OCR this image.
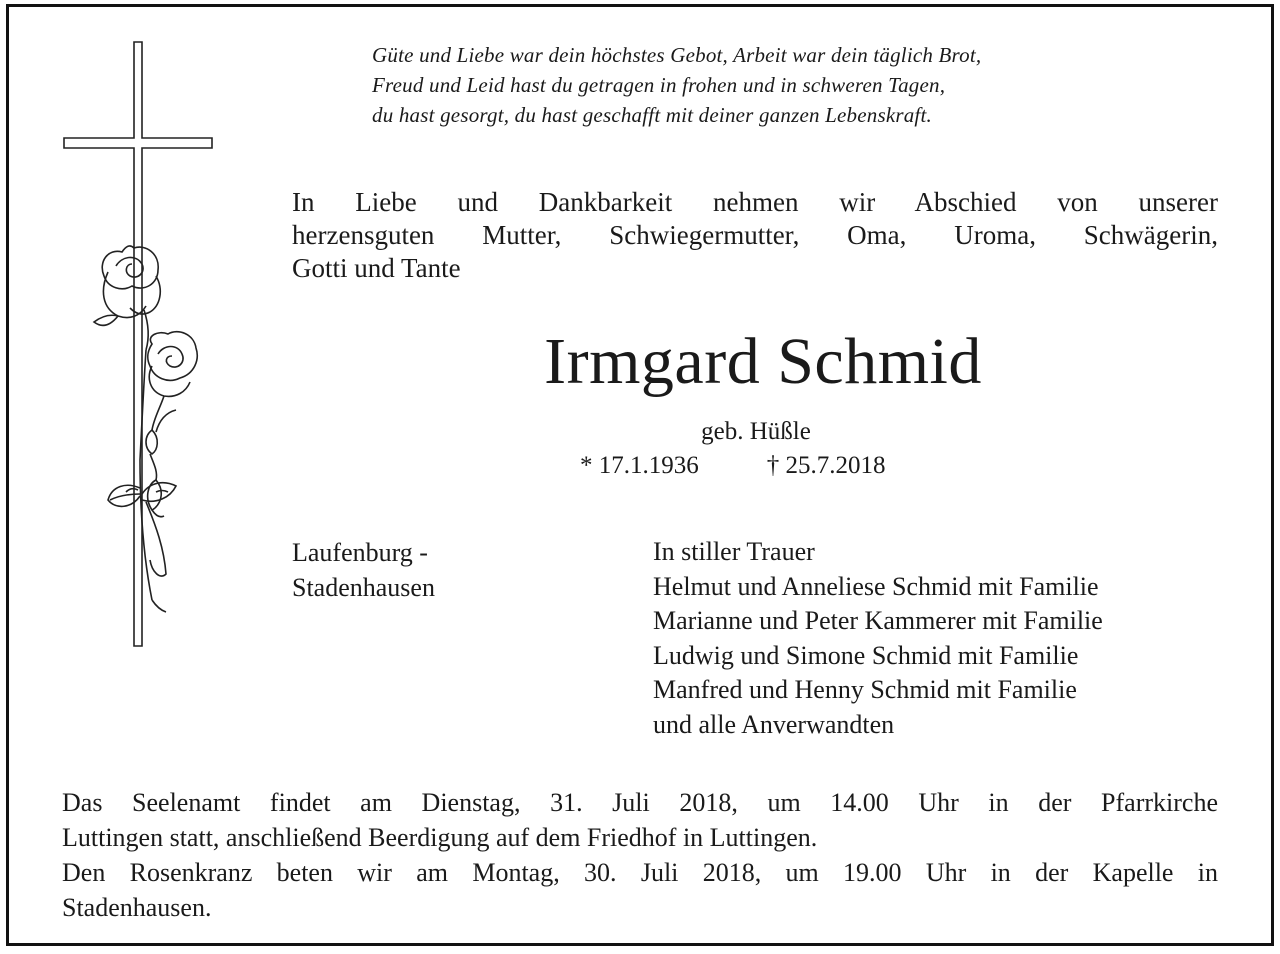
Güte und Liebe war dein höchstes Gebot, Arbeit war dein täglich Brot,
Freud und Leid hast du getragen in frohen und in schweren Tagen,
du hast gesorgt, du hast geschafft mit deiner ganzen Lebenskraft.
In Liebe und Dankbarkeit nehmen wir Abschied von unserer
herzensguten Mutter, Schwiegermutter, Oma, Uroma, Schwägerin,
Gotti und Tante
Irmgard Schmid
geb. Hüßle
* 17.1.1936	† 25.7.2018
Laufenburg -
Stadenhausen
In stiller Trauer
Helmut und Anneliese Schmid mit Familie
Marianne und Peter Kammerer mit Familie
Ludwig und Simone Schmid mit Familie
Manfred und Henny Schmid mit Familie
und alle Anverwandten
Das Seelenamt findet am Dienstag, 31. Juli 2018, um 14.00 Uhr in der Pfarrkirche
Luttingen statt, anschließend Beerdigung auf dem Friedhof in Luttingen.
Den Rosenkranz beten wir am Montag, 30. Juli 2018, um 19.00 Uhr in der Kapelle in
Stadenhausen.
